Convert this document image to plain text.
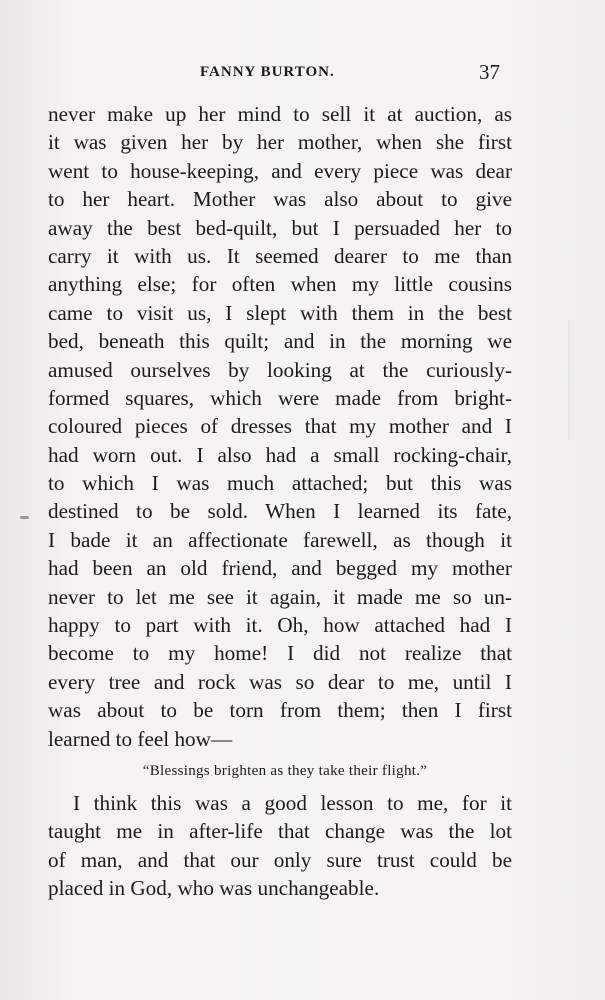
FANNY BURTON.	37
never make up her mind to sell it at auction, as
it was given her by her mother, when she first
went to house-keeping, and every piece was dear
to her heart. Mother was also about to give
away the best bed-quilt, but I persuaded her to
carry it with us. It seemed dearer to me than
anything else; for often when my little cousins
came to visit us, I slept with them in the best
bed, beneath this quilt; and in the morning we
amused ourselves by looking at the curiously-
formed squares, which were made from bright-
coloured pieces of dresses that my mother and I
had worn out. I also had a small rocking-chair,
to which I was much attached; but this was
destined to be sold. When I learned its fate,
I bade it an affectionate farewell, as though it
had been an old friend, and begged my mother
never to let me see it again, it made me so un-
happy to part with it. Oh, how attached had I
become to my home! I did not realize that
every tree and rock was so dear to me, until I
was about to be torn from them; then I first
learned to feel how—
“Blessings brighten as they take their flight.”
I think this was a good lesson to me, for it
taught me in after-life that change was the lot
of man, and that our only sure trust could be
placed in God, who was unchangeable.
